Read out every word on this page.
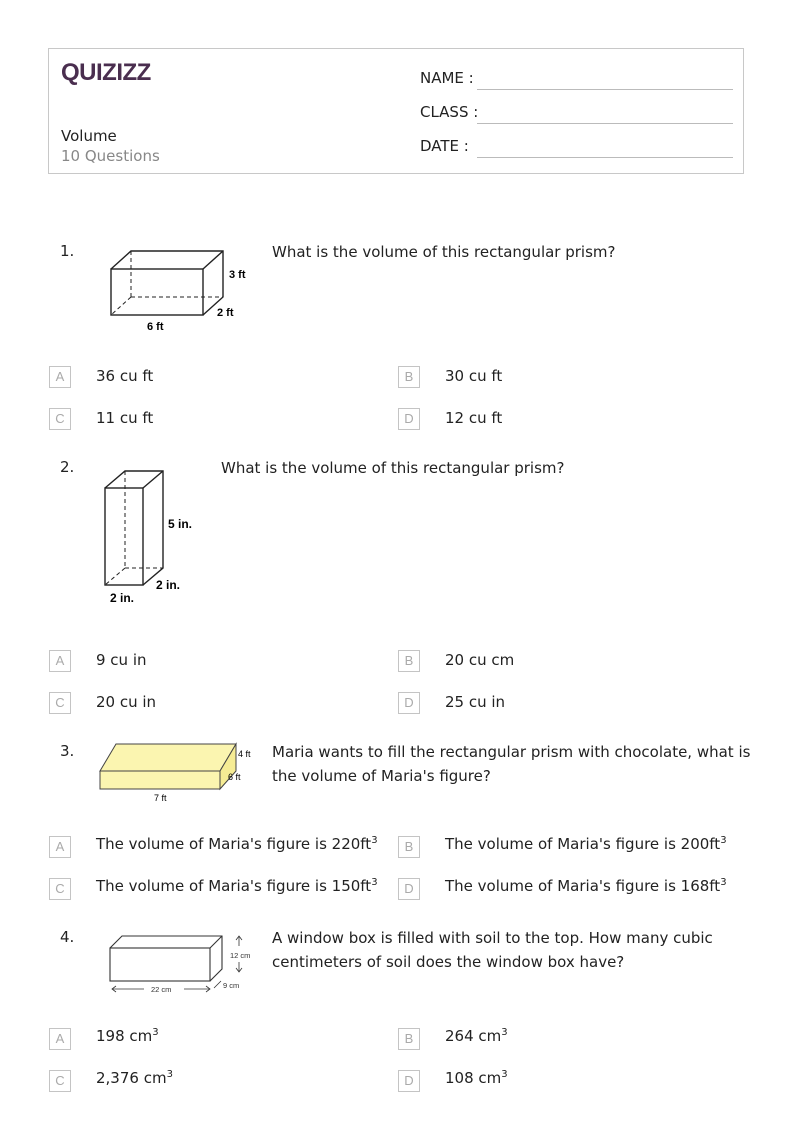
QUIZIZZ
Volume
10 Questions
NAME :
CLASS :
DATE :
1.
3 ft
2 ft
6 ft
What is the volume of this rectangular prism?
A	36 cu ft	B	30 cu ft
C	11 cu ft	D	12 cu ft
2.
5 in.
2 in.
2 in.
What is the volume of this rectangular prism?
A	9 cu in	B	20 cu cm
C	20 cu in	D	25 cu in
3.	4 ft
6 ft
7 ft
Maria wants to fill the rectangular prism with chocolate, what is
the volume of Maria's figure?
A	The volume of Maria's figure is $220ft^3$	B	The volume of Maria's figure is $200ft^3$
C	The volume of Maria's figure is $150ft^3$	D	The volume of Maria's figure is $168ft^3$
4.
12 cm
9 cm
22 cm
A window box is filled with soil to the top. How many cubic
centimeters of soil does the window box have?
A	198 $cm^3$	B	264 $cm^3$
C	2,376 $cm^3$	D	108 $cm^3$
